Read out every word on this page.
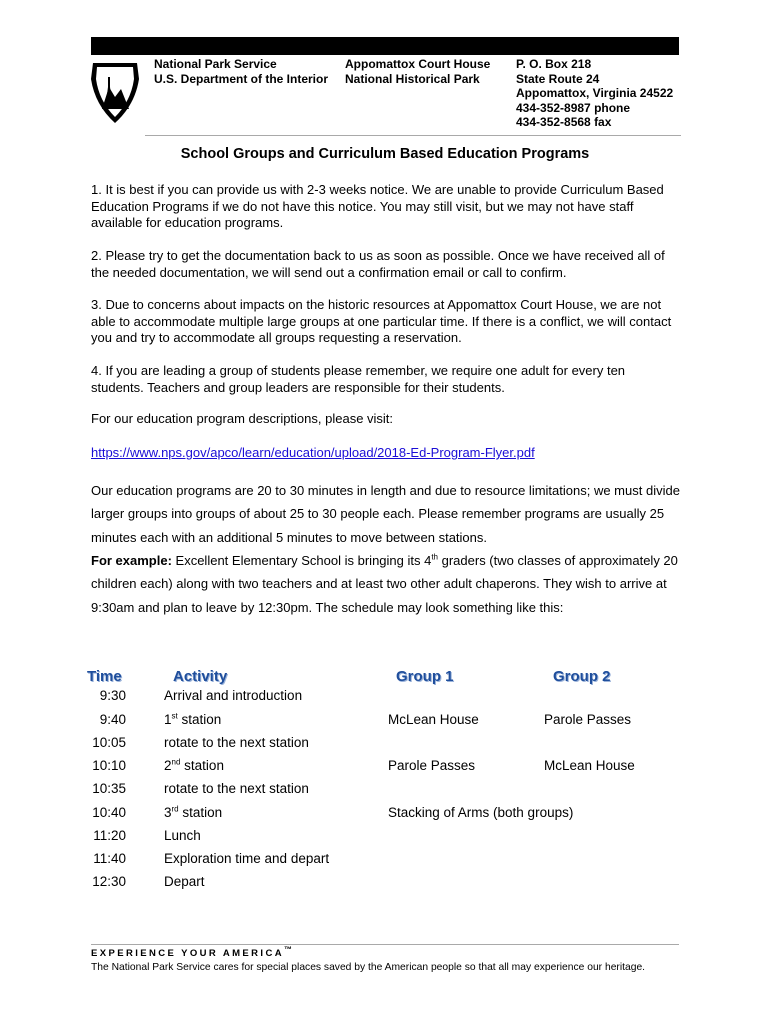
National Park Service
U.S. Department of the Interior
Appomattox Court House
National Historical Park
P. O. Box 218
State Route 24
Appomattox, Virginia 24522
434-352-8987 phone
434-352-8568 fax
School Groups and Curriculum Based Education Programs
1. It is best if you can provide us with 2-3 weeks notice. We are unable to provide Curriculum Based Education Programs if we do not have this notice. You may still visit, but we may not have staff available for education programs.
2. Please try to get the documentation back to us as soon as possible. Once we have received all of the needed documentation, we will send out a confirmation email or call to confirm.
3. Due to concerns about impacts on the historic resources at Appomattox Court House, we are not able to accommodate multiple large groups at one particular time. If there is a conflict, we will contact you and try to accommodate all groups requesting a reservation.
4. If you are leading a group of students please remember, we require one adult for every ten students. Teachers and group leaders are responsible for their students.
For our education program descriptions, please visit:
https://www.nps.gov/apco/learn/education/upload/2018-Ed-Program-Flyer.pdf
Our education programs are 20 to 30 minutes in length and due to resource limitations; we must divide larger groups into groups of about 25 to 30 people each. Please remember programs are usually 25 minutes each with an additional 5 minutes to move between stations.
For example: Excellent Elementary School is bringing its 4th graders (two classes of approximately 20 children each) along with two teachers and at least two other adult chaperons. They wish to arrive at 9:30am and plan to leave by 12:30pm. The schedule may look something like this:
Time	Activity	Group 1	Group 2
9:30	Arrival and introduction
9:40	1st station	McLean House	Parole Passes
10:05	rotate to the next station
10:10	2nd station	Parole Passes	McLean House
10:35	rotate to the next station
10:40	3rd station	Stacking of Arms (both groups)
11:20	Lunch
11:40	Exploration time and depart
12:30	Depart
EXPERIENCE YOUR AMERICA™
The National Park Service cares for special places saved by the American people so that all may experience our heritage.
